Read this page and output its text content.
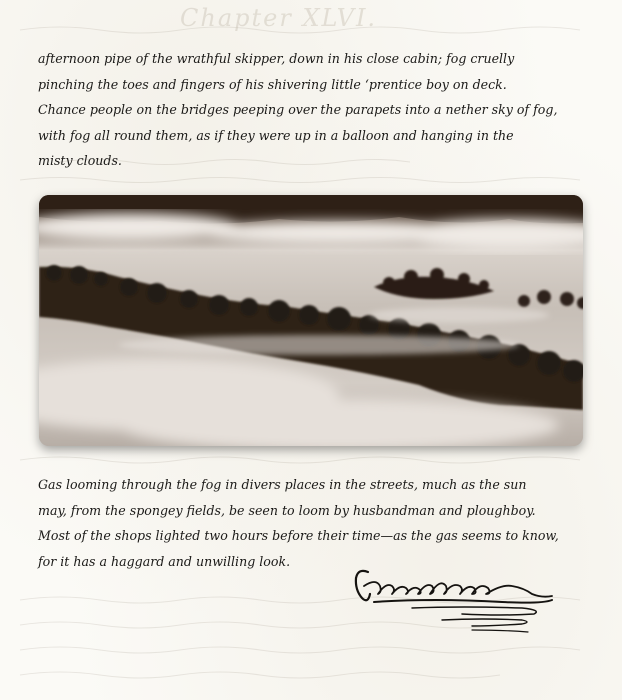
Chapter XLVI.
afternoon pipe of the wrathful skipper, down in his close cabin; fog cruelly
pinching the toes and fingers of his shivering little ‘prentice boy on deck.
Chance people on the bridges peeping over the parapets into a nether sky of fog,
with fog all round them, as if they were up in a balloon and hanging in the
misty clouds.
Gas looming through the fog in divers places in the streets, much as the sun
may, from the spongey fields, be seen to loom by husbandman and ploughboy.
Most of the shops lighted two hours before their time—as the gas seems to know,
for it has a haggard and unwilling look.
